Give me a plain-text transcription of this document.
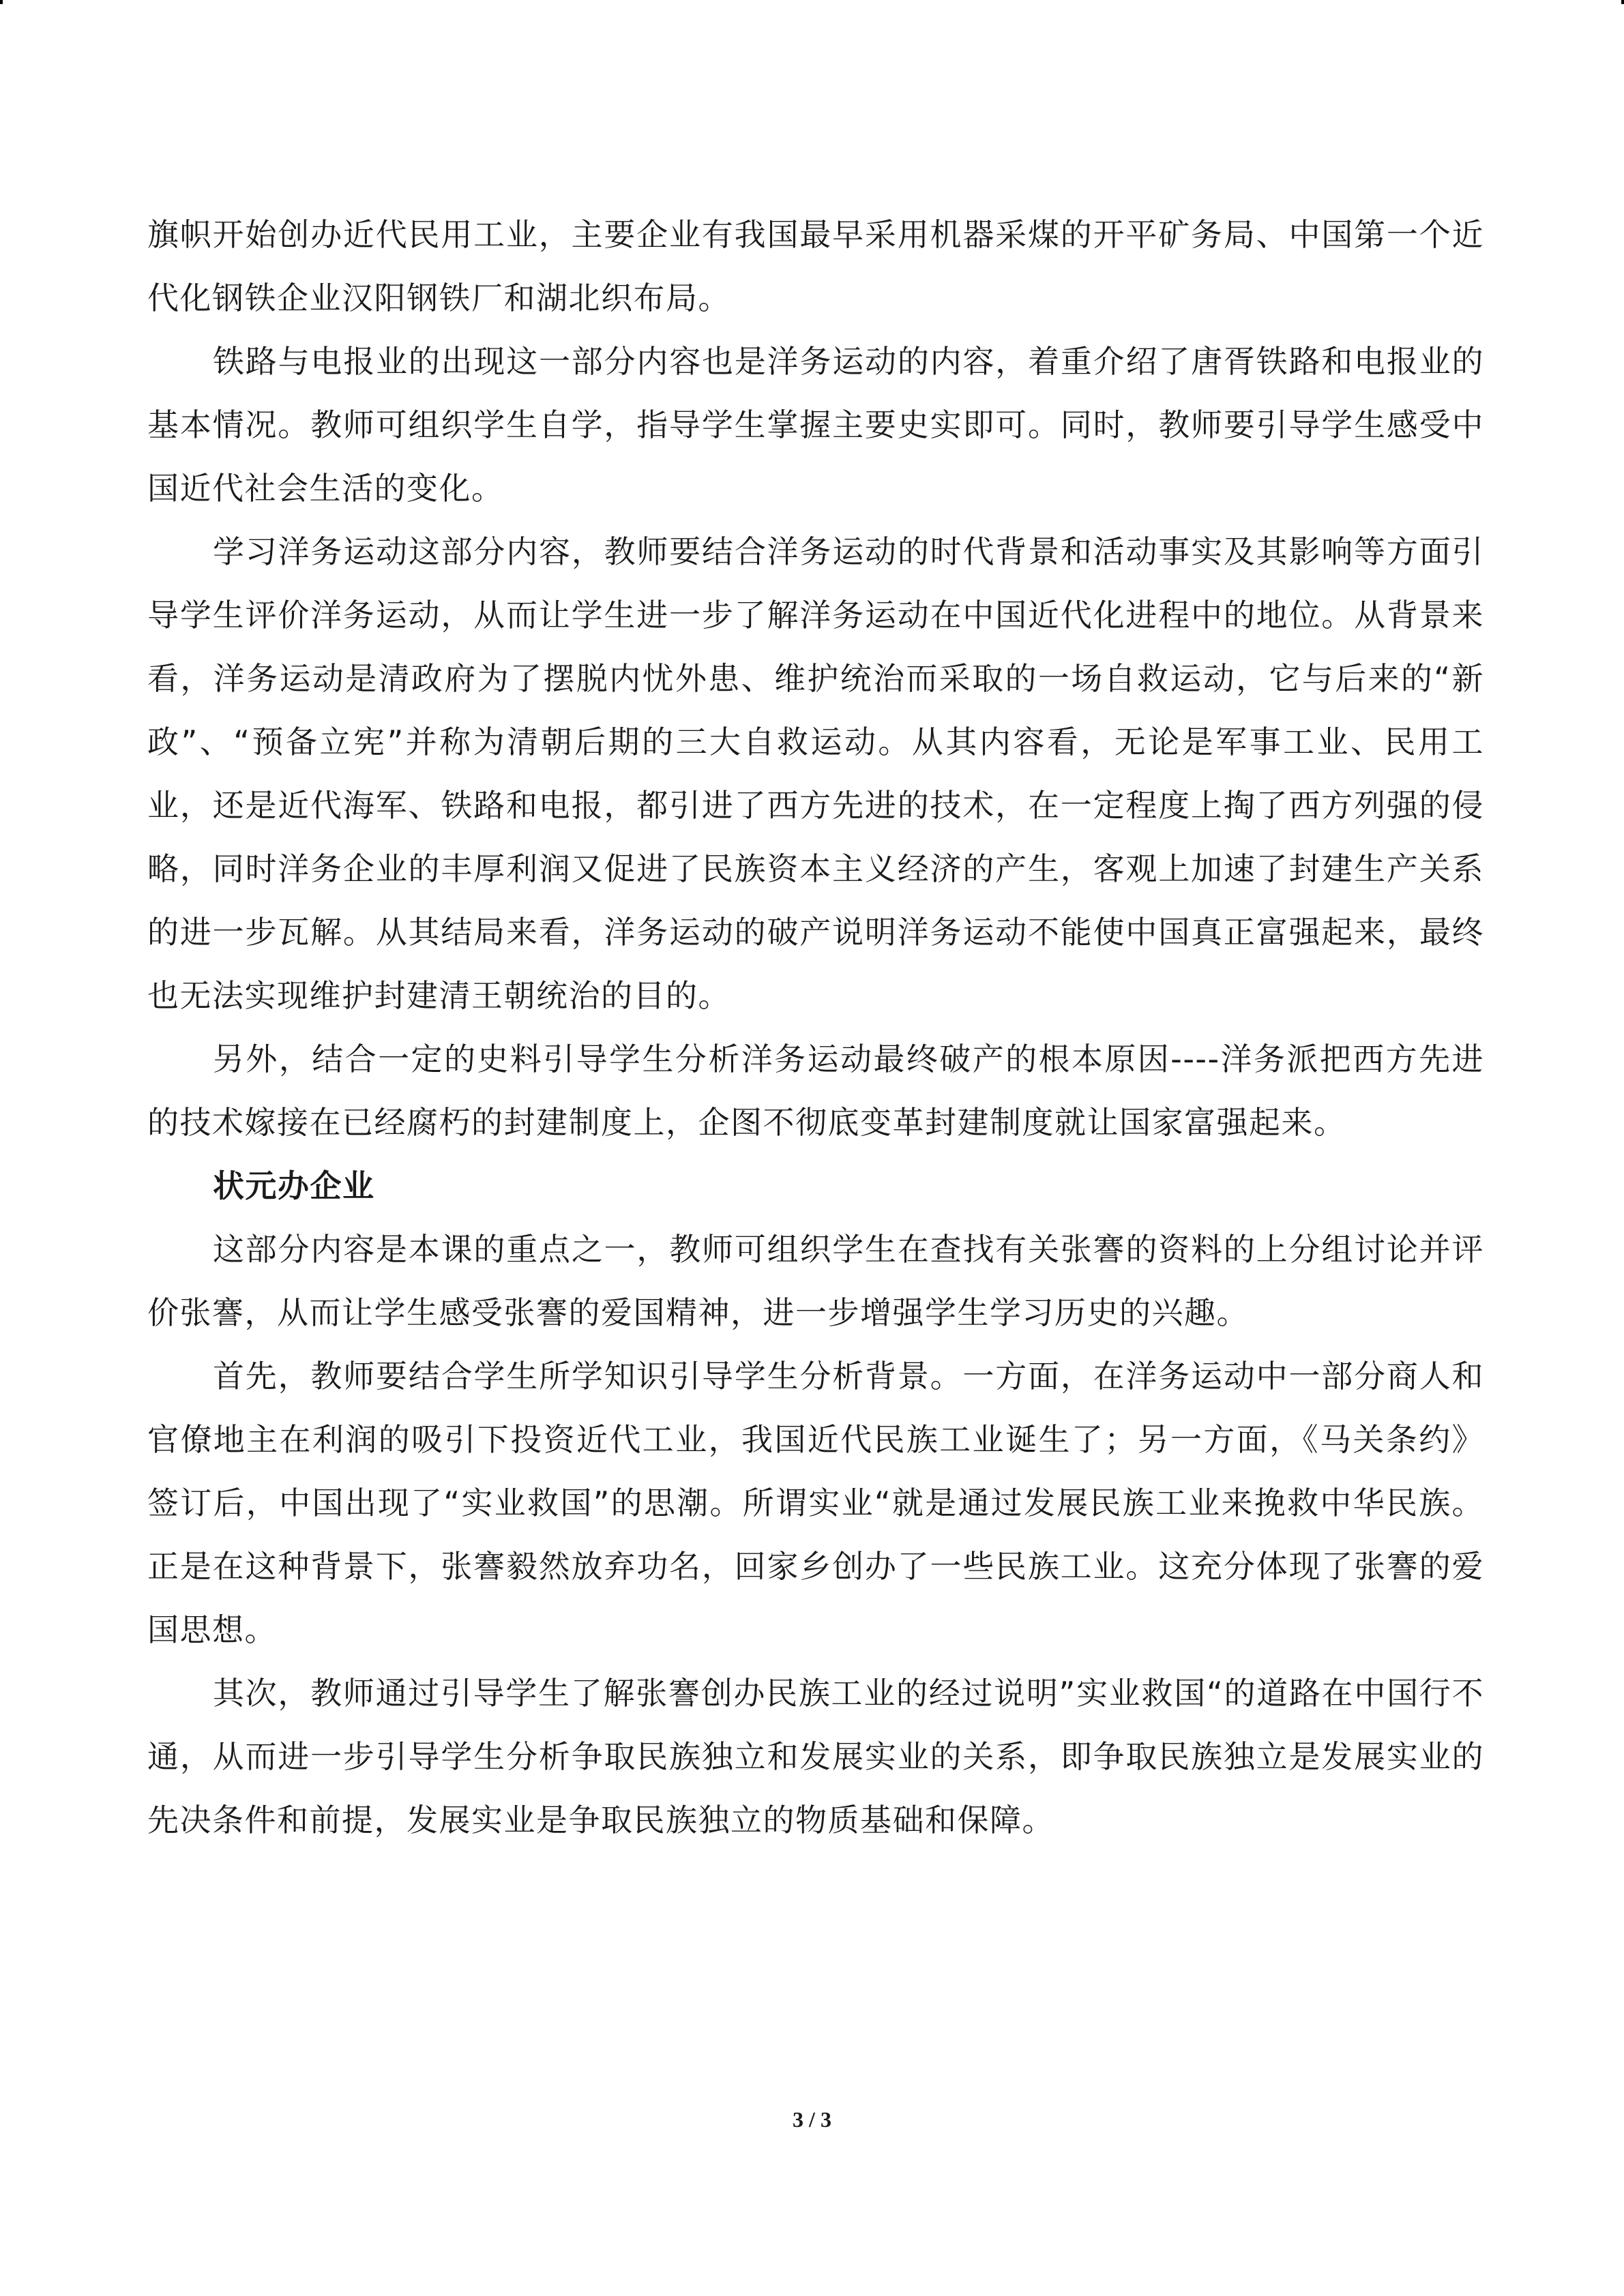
旗帜开始创办近代民用工业，主要企业有我国最早采用机器采煤的开平矿务局、中国第一个近代化钢铁企业汉阳钢铁厂和湖北织布局。

铁路与电报业的出现这一部分内容也是洋务运动的内容，着重介绍了唐胥铁路和电报业的基本情况。教师可组织学生自学，指导学生掌握主要史实即可。同时，教师要引导学生感受中国近代社会生活的变化。

学习洋务运动这部分内容，教师要结合洋务运动的时代背景和活动事实及其影响等方面引导学生评价洋务运动，从而让学生进一步了解洋务运动在中国近代化进程中的地位。从背景来看，洋务运动是清政府为了摆脱内忧外患、维护统治而采取的一场自救运动，它与后来的“新政”、“预备立宪”并称为清朝后期的三大自救运动。从其内容看，无论是军事工业、民用工业，还是近代海军、铁路和电报，都引进了西方先进的技术，在一定程度上掏了西方列强的侵略，同时洋务企业的丰厚利润又促进了民族资本主义经济的产生，客观上加速了封建生产关系的进一步瓦解。从其结局来看，洋务运动的破产说明洋务运动不能使中国真正富强起来，最终也无法实现维护封建清王朝统治的目的。

另外，结合一定的史料引导学生分析洋务运动最终破产的根本原因----洋务派把西方先进的技术嫁接在已经腐朽的封建制度上，企图不彻底变革封建制度就让国家富强起来。

状元办企业

这部分内容是本课的重点之一，教师可组织学生在查找有关张謇的资料的上分组讨论并评价张謇，从而让学生感受张謇的爱国精神，进一步增强学生学习历史的兴趣。

首先，教师要结合学生所学知识引导学生分析背景。一方面，在洋务运动中一部分商人和官僚地主在利润的吸引下投资近代工业，我国近代民族工业诞生了；另一方面，《马关条约》签订后，中国出现了“实业救国”的思潮。所谓实业“就是通过发展民族工业来挽救中华民族。正是在这种背景下，张謇毅然放弃功名，回家乡创办了一些民族工业。这充分体现了张謇的爱国思想。

其次，教师通过引导学生了解张謇创办民族工业的经过说明”实业救国“的道路在中国行不通，从而进一步引导学生分析争取民族独立和发展实业的关系，即争取民族独立是发展实业的先决条件和前提，发展实业是争取民族独立的物质基础和保障。

3 / 3
